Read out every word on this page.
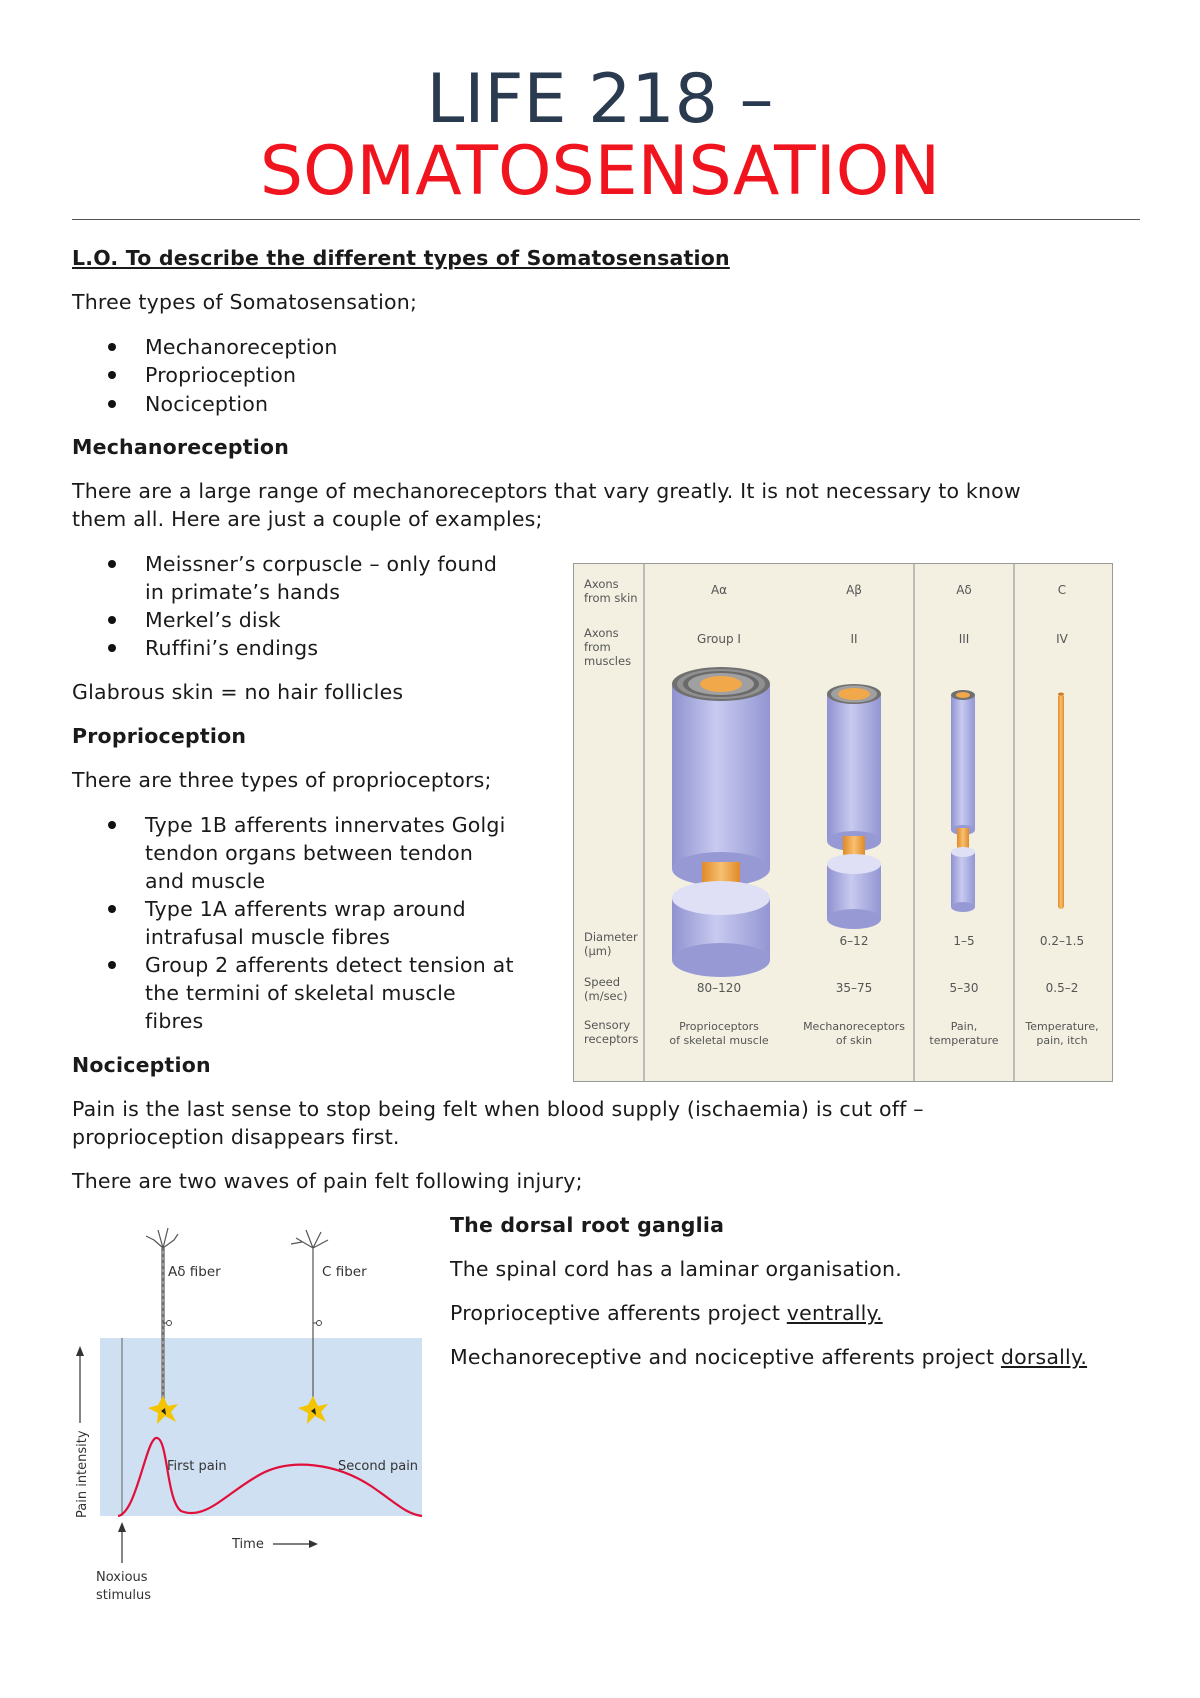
LIFE 218 –
SOMATOSENSATION
L.O. To describe the different types of Somatosensation
Three types of Somatosensation;
Mechanoreception
Proprioception
Nociception
Mechanoreception
There are a large range of mechanoreceptors that vary greatly. It is not necessary to know
them all. Here are just a couple of examples;
Meissner’s corpuscle – only found
in primate’s hands
Merkel’s disk
Ruffini’s endings
Glabrous skin = no hair follicles
Proprioception
There are three types of proprioceptors;
Type 1B afferents innervates Golgi
tendon organs between tendon
and muscle
Type 1A afferents wrap around
intrafusal muscle fibres
Group 2 afferents detect tension at
the termini of skeletal muscle
fibres
Nociception
Pain is the last sense to stop being felt when blood supply (ischaemia) is cut off –
proprioception disappears first.
There are two waves of pain felt following injury;
The dorsal root ganglia
The spinal cord has a laminar organisation.
Proprioceptive afferents project ventrally.
Mechanoreceptive and nociceptive afferents project dorsally.
Axons
from skin
Axons
from
muscles
Diameter
(µm)
Speed
(m/sec)
Sensory
receptors
Aα
Group I
80–120
Proprioceptors
of skeletal muscle
Aβ
II
6–12
35–75
Mechanoreceptors
of skin
Aδ
III
1–5
5–30
Pain,
temperature
C
IV
0.2–1.5
0.5–2
Temperature,
pain, itch
Pain intensity
Aδ fiber	C fiber
First pain	Second pain
Time
Noxious
stimulus
